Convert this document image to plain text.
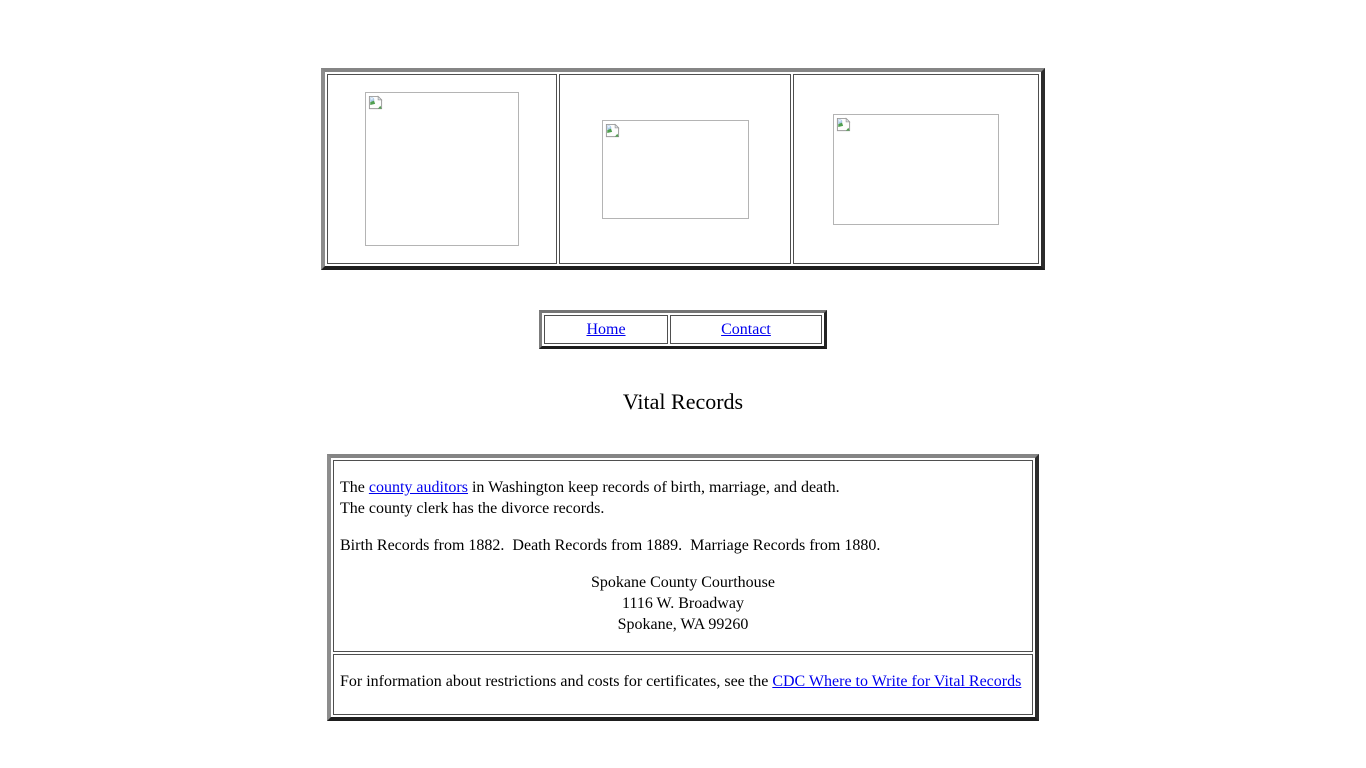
Home	Contact
Vital Records

The county auditors in Washington keep records of birth, marriage, and death.
The county clerk has the divorce records.

Birth Records from 1882.  Death Records from 1889.  Marriage Records from 1880.

Spokane County Courthouse
1116 W. Broadway
Spokane, WA 99260

For information about restrictions and costs for certificates, see the CDC Where to Write for Vital Records
